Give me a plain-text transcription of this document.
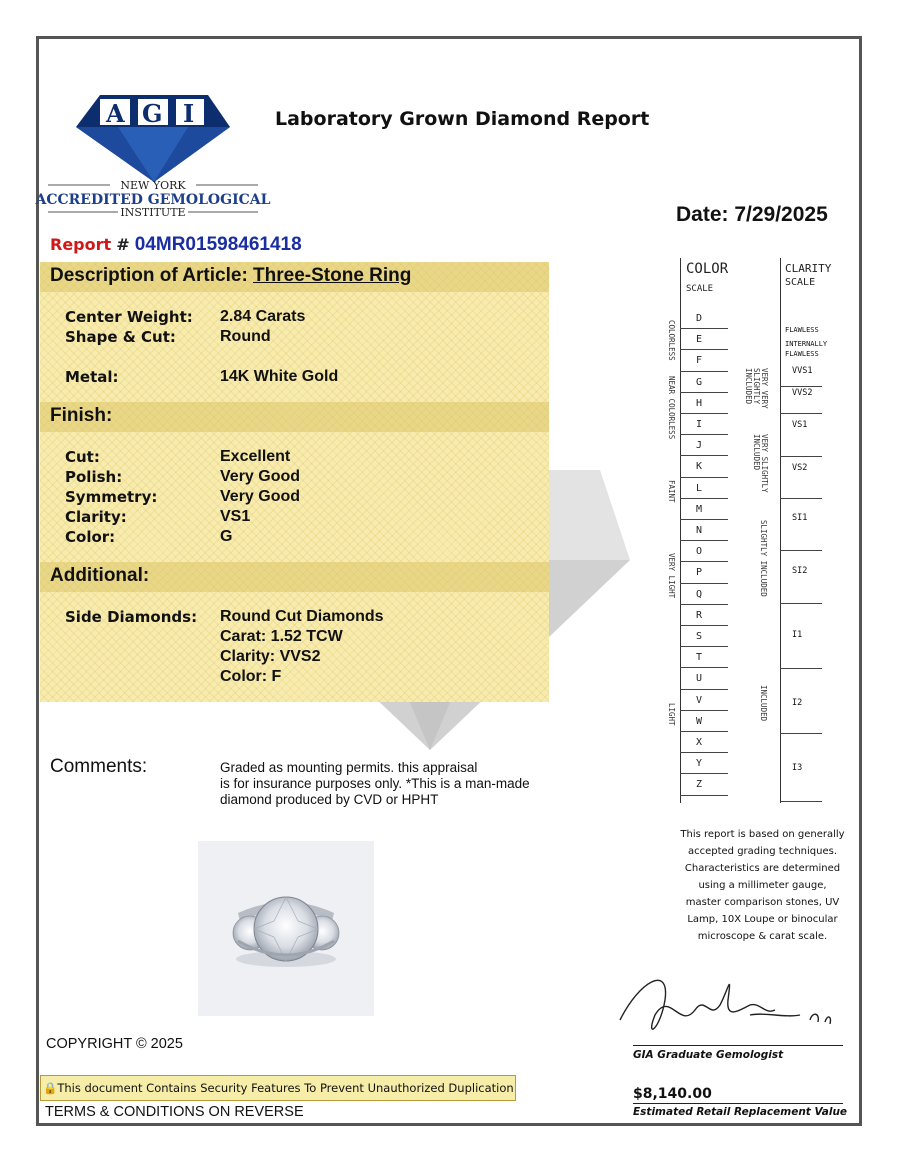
A G I
NEW YORK
ACCREDITED GEMOLOGICAL
INSTITUTE
Laboratory Grown Diamond Report
Date: 7/29/2025
Report # 04MR01598461418
Description of Article: Three-Stone Ring
Center Weight: 2.84 Carats
Shape & Cut:	Round
Metal:	14K White Gold
Finish:
Cut:	Excellent
Polish:	Very Good
Symmetry:	Very Good
Clarity:	VS1
Color:	G
Additional:
Side Diamonds: Round Cut Diamonds
Carat: 1.52 TCW
Clarity: VVS2
Color: F
Comments:	Graded as mounting permits. this appraisal
is for insurance purposes only. *This is a man-made
diamond produced by CVD or HPHT
COLOR
SCALE
D
E
F
G
H
I
J
K
L
M
N
O
P
Q
R
S
T
U
V
W
X
Y
Z
COLORLESS
NEAR COLORLESS
FAINT
VERY LIGHT
LIGHT
CLARITY
SCALE
FLAWLESS
INTERNALLY
FLAWLESS
VVS1
VVS2
VS1
VS2
SI1
SI2
I1
I2
I3
VERY VERY SLIGHTLY INCLUDED
VERY SLIGHTLY INCLUDED
SLIGHTLY INCLUDED
INCLUDED
This report is based on generally accepted grading techniques. Characteristics are determined using a millimeter gauge, master comparison stones, UV Lamp, 10X Loupe or binocular microscope & carat scale.
GIA Graduate Gemologist
$8,140.00
Estimated Retail Replacement Value
COPYRIGHT © 2025
🔒This document Contains Security Features To Prevent Unauthorized Duplication
TERMS & CONDITIONS ON REVERSE
